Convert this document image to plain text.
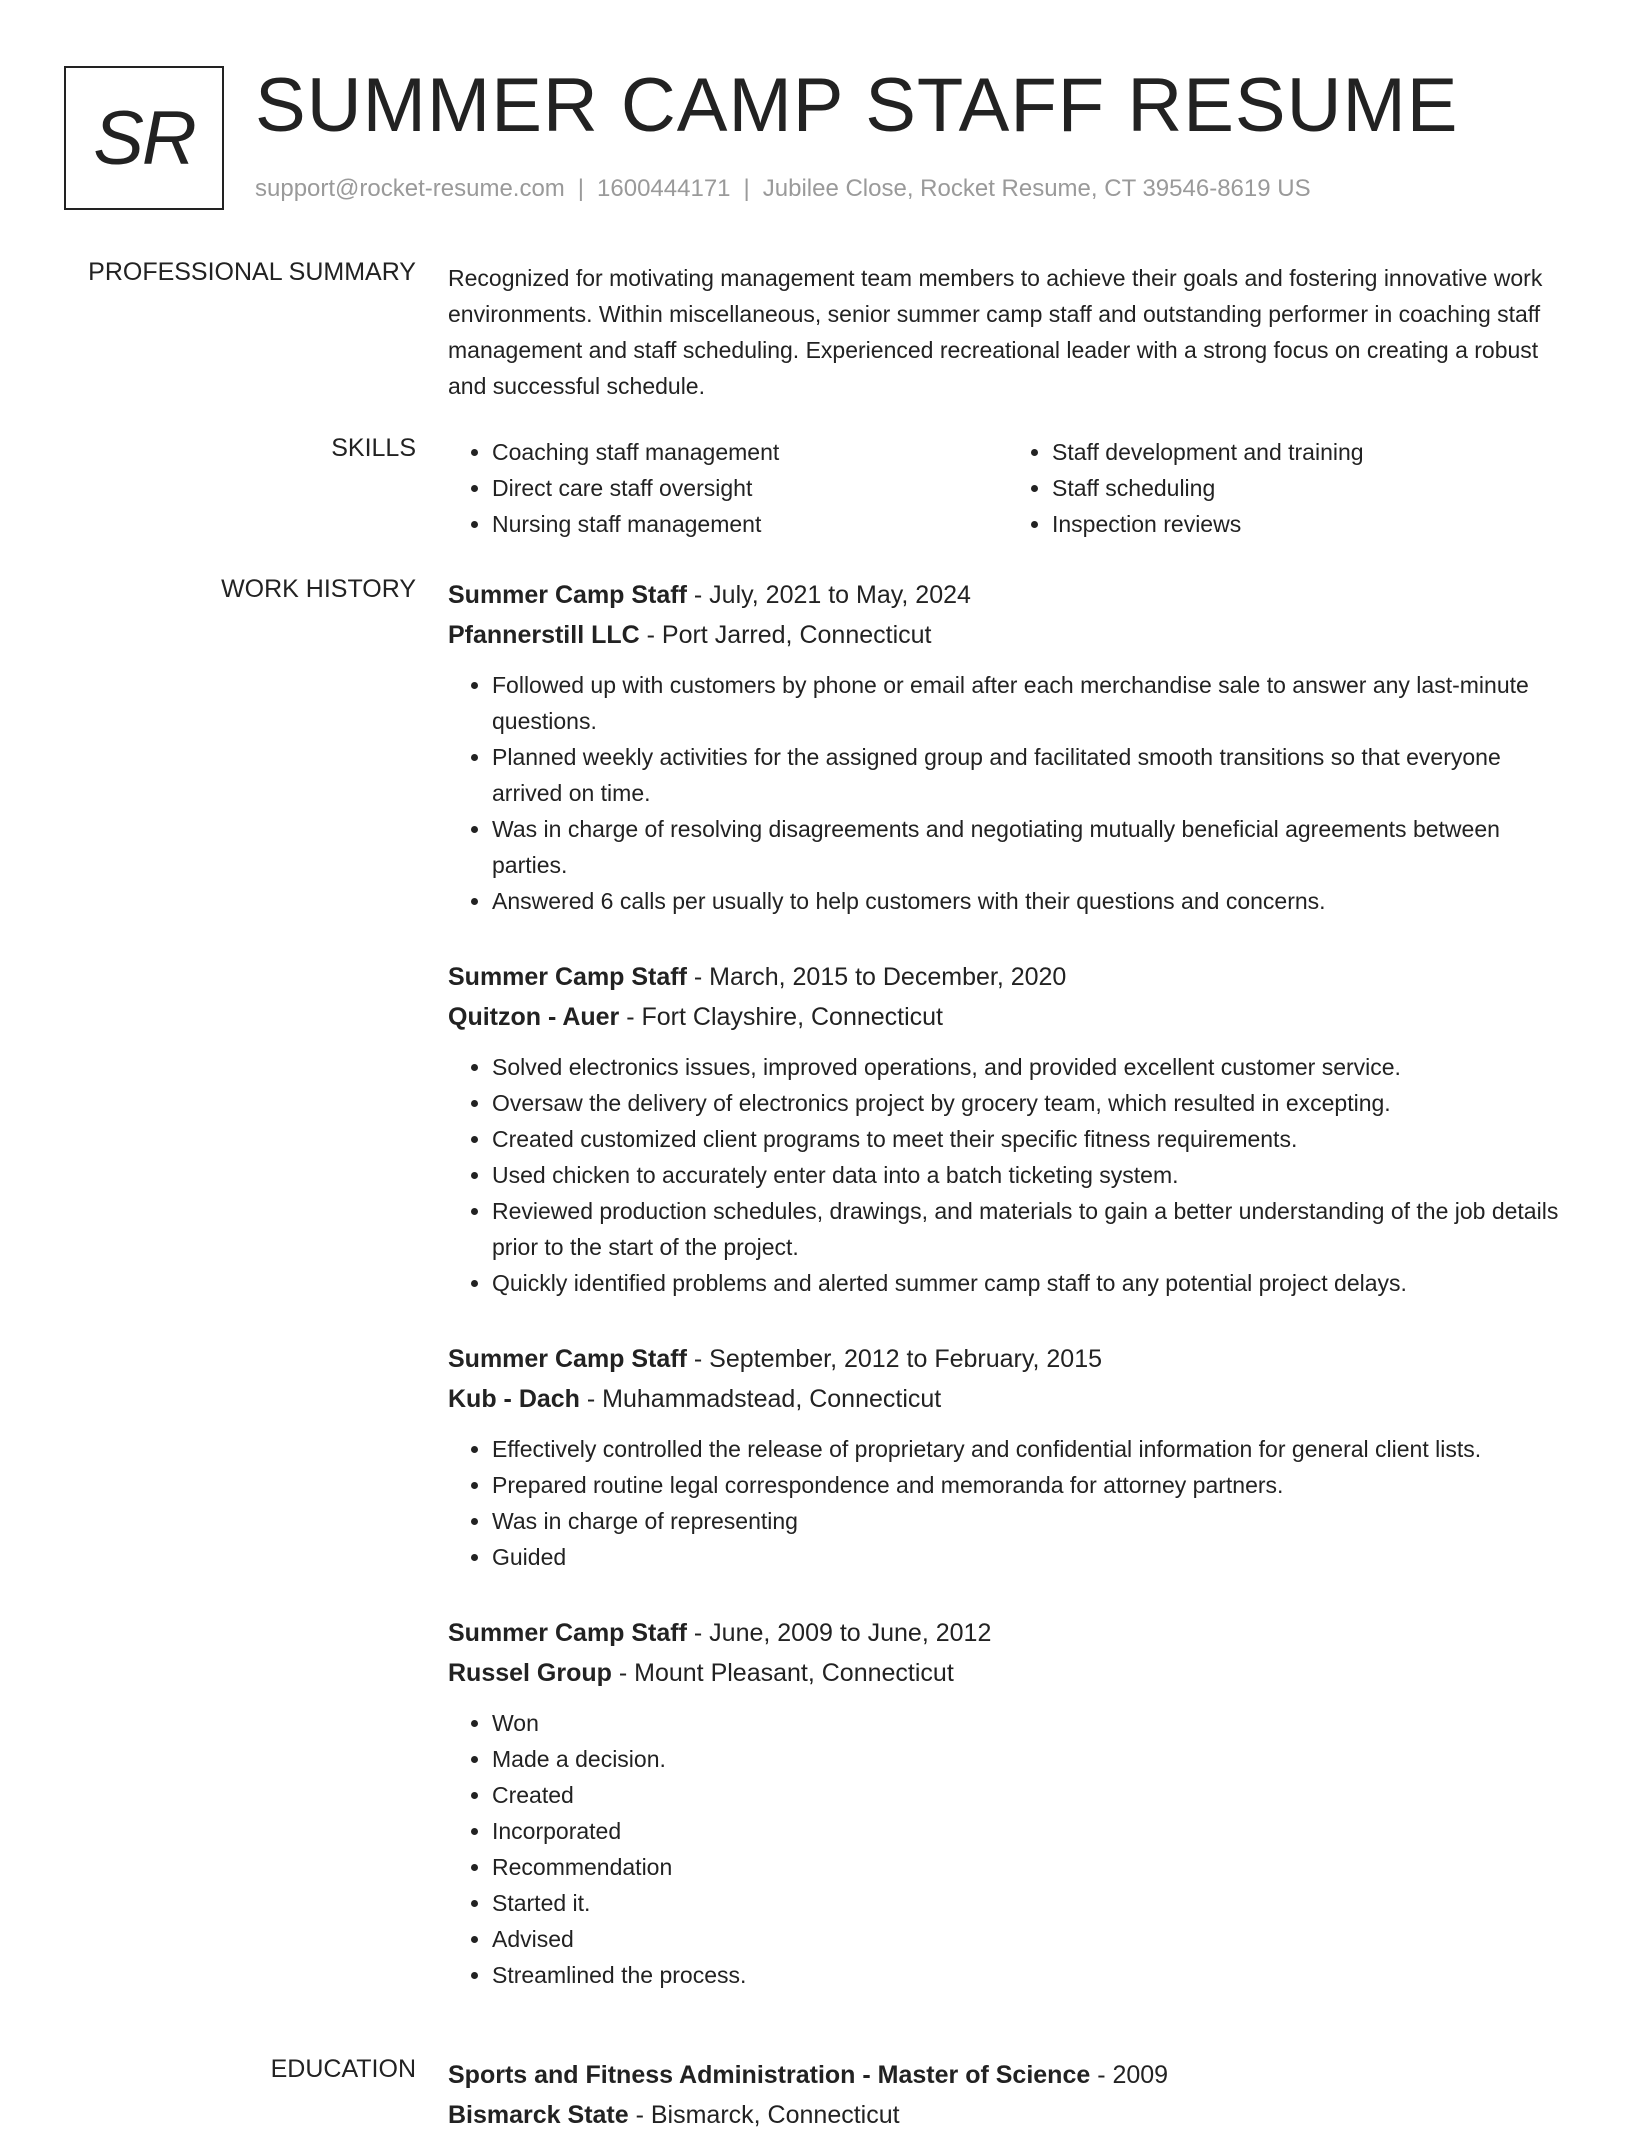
SR SUMMER CAMP STAFF RESUME
support@rocket-resume.com | 1600444171 | Jubilee Close, Rocket Resume, CT 39546-8619 US
PROFESSIONAL SUMMARY Recognized for motivating management team members to achieve their goals and fostering innovative work environments. Within miscellaneous, senior summer camp staff and outstanding performer in coaching staff management and staff scheduling. Experienced recreational leader with a strong focus on creating a robust and successful schedule.

SKILLS
•	Coaching staff management
• Direct care staff oversight
• Nursing staff management
• Staff development and training
• Staff scheduling
• Inspection reviews
WORK HISTORY Summer Camp Staff - July, 2021 to May, 2024
Pfannerstill LLC - Port Jarred, Connecticut
• Followed up with customers by phone or email after each merchandise sale to answer any last-minute questions.
• Planned weekly activities for the assigned group and facilitated smooth transitions so that everyone arrived on time.
• Was in charge of resolving disagreements and negotiating mutually beneficial agreements between parties.
• Answered 6 calls per usually to help customers with their questions and concerns.
Summer Camp Staff - March, 2015 to December, 2020
Quitzon - Auer - Fort Clayshire, Connecticut
• Solved electronics issues, improved operations, and provided excellent customer service.
• Oversaw the delivery of electronics project by grocery team, which resulted in excepting.
• Created customized client programs to meet their specific fitness requirements.
• Used chicken to accurately enter data into a batch ticketing system.
• Reviewed production schedules, drawings, and materials to gain a better understanding of the job details prior to the start of the project.
• Quickly identified problems and alerted summer camp staff to any potential project delays.
Summer Camp Staff - September, 2012 to February, 2015
Kub - Dach - Muhammadstead, Connecticut
• Effectively controlled the release of proprietary and confidential information for general client lists.
• Prepared routine legal correspondence and memoranda for attorney partners.
• Was in charge of representing
• Guided
Summer Camp Staff - June, 2009 to June, 2012
Russel Group - Mount Pleasant, Connecticut
• Won
• Made a decision.
• Created
• Incorporated
• Recommendation
• Started it.
• Advised
• Streamlined the process.
EDUCATION Sports and Fitness Administration - Master of Science - 2009
Bismarck State - Bismarck, Connecticut
